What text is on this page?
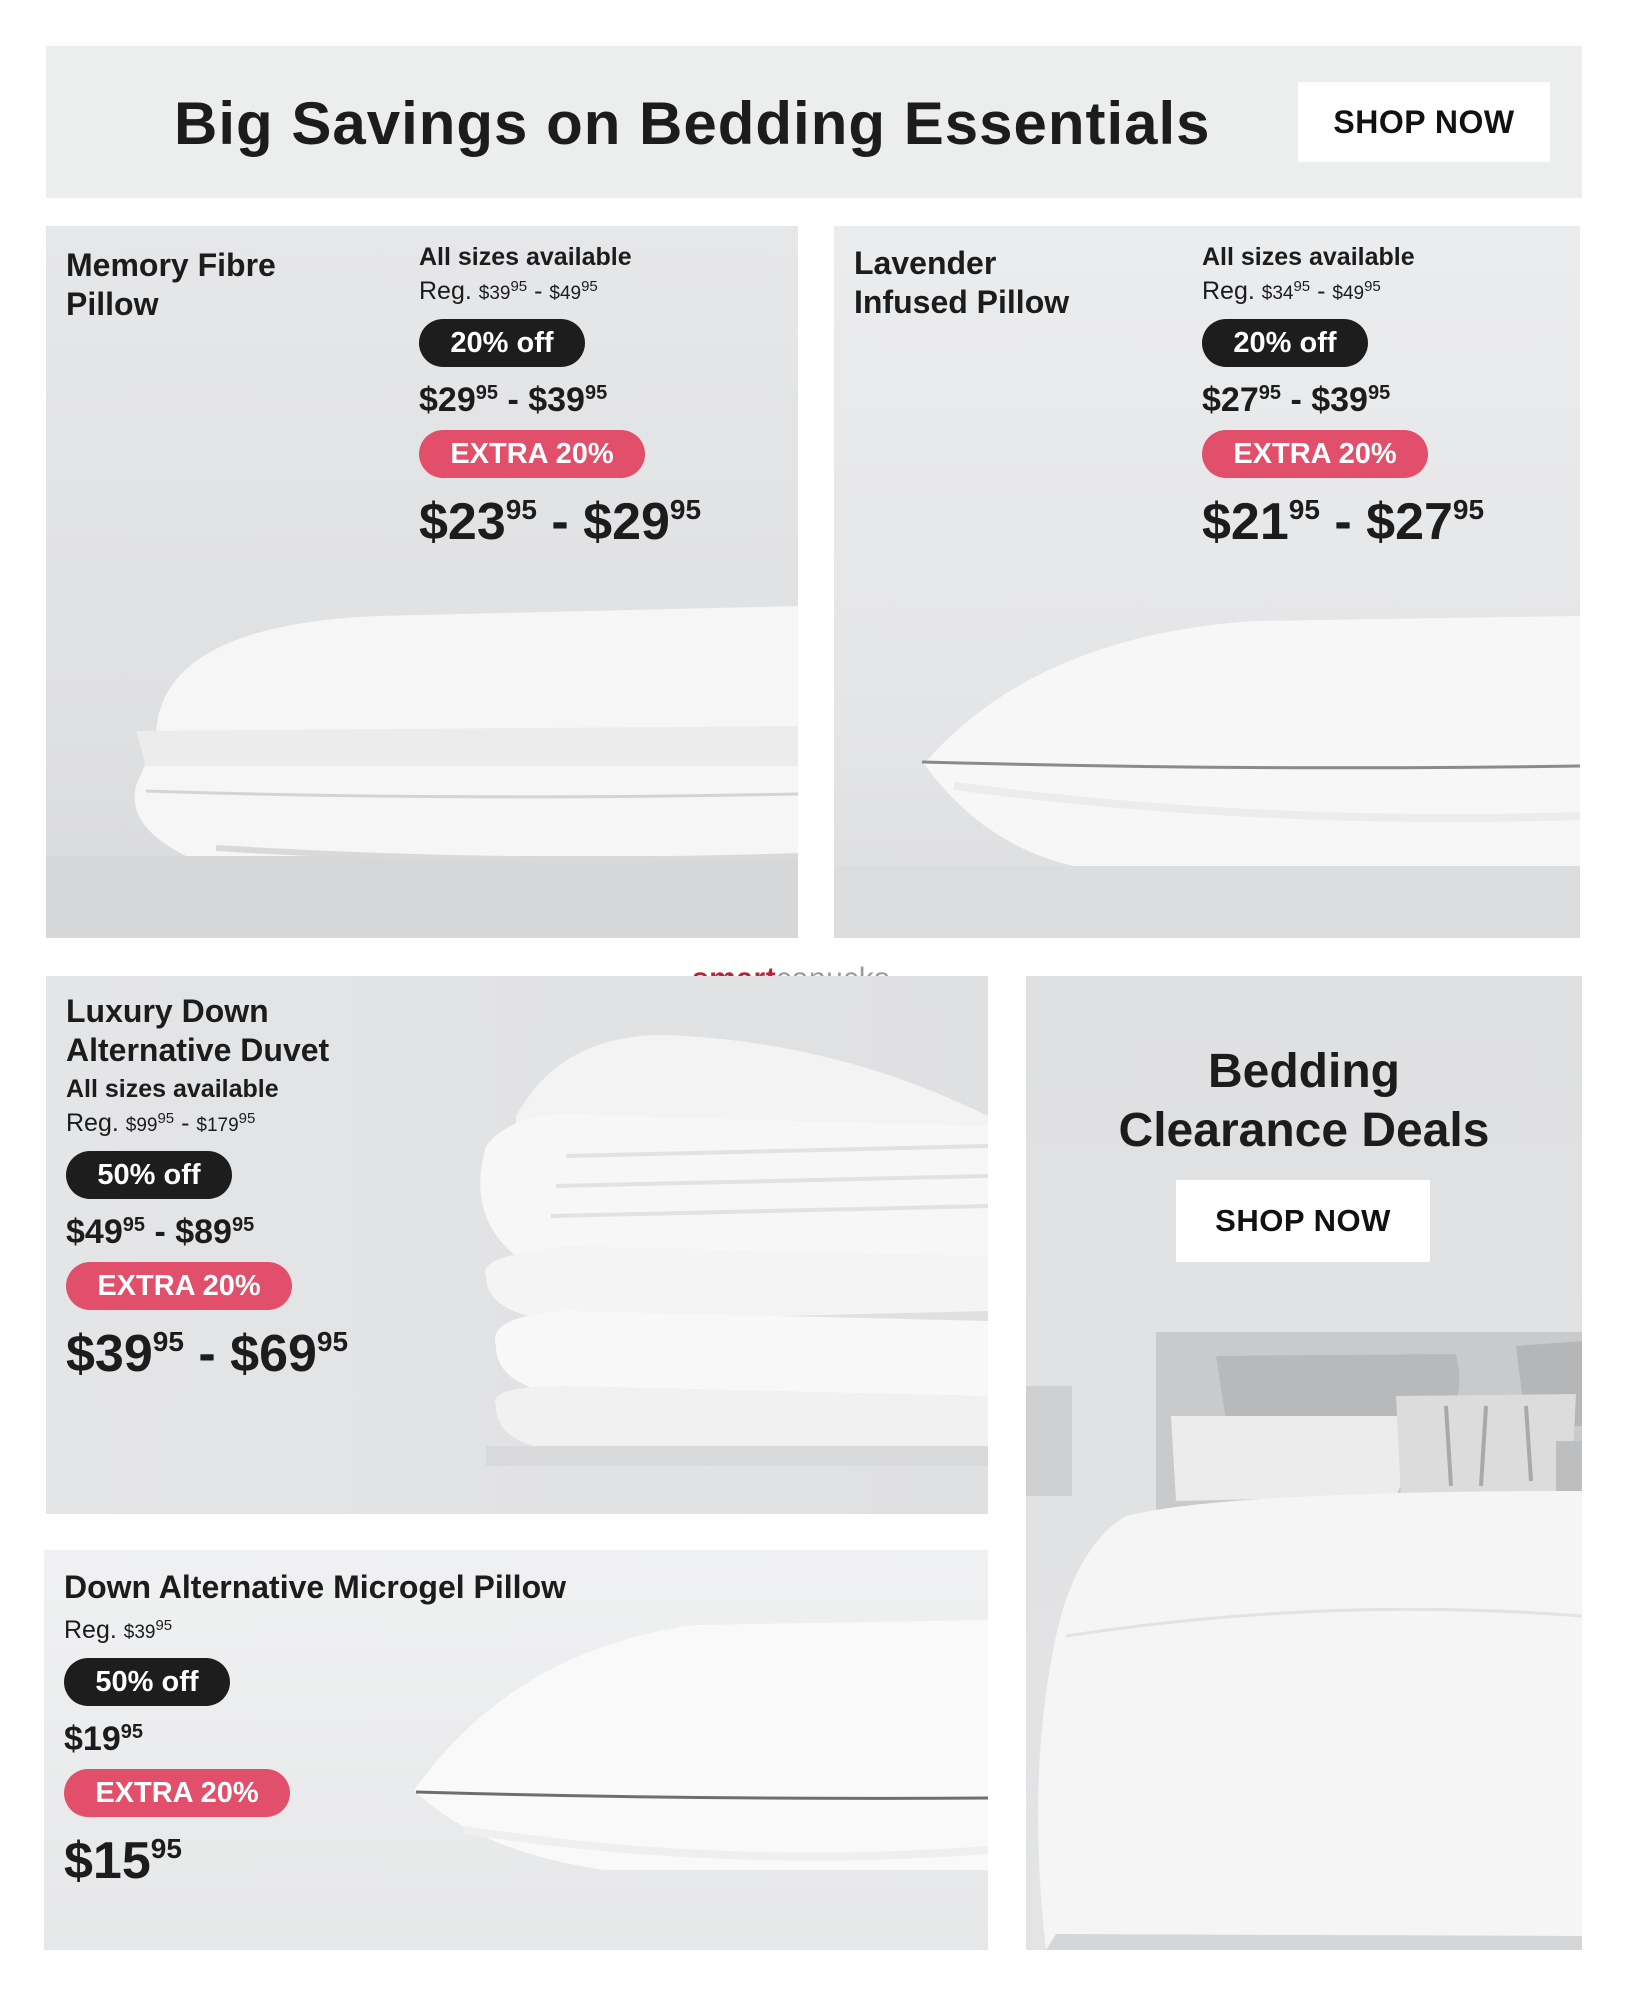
Big Savings on Bedding Essentials	SHOP NOW
Memory Fibre
Pillow
All sizes available
Reg. $\$39^{95}$ - $\$49^{95}$
20% off
$\$29^{95}$ - $\$39^{95}$
EXTRA 20%
$\$23^{95}$ - $\$29^{95}$
Lavender
Infused Pillow
All sizes available
Reg. $\$34^{95}$ - $\$49^{95}$
20% off
$\$27^{95}$ - $\$39^{95}$
EXTRA 20%
$\$21^{95}$ - $\$27^{95}$
Luxury Down
Alternative Duvet
All sizes available
Reg. $\$99^{95}$ - $\$179^{95}$
50% off
$\$49^{95}$ - $\$89^{95}$
EXTRA 20%
$\$39^{95}$ - $\$69^{95}$
Down Alternative Microgel Pillow
Reg. $\$39^{95}$
50% off
$\$19^{95}$
EXTRA 20%
$\$15^{95}$
Bedding
Clearance Deals
SHOP NOW
